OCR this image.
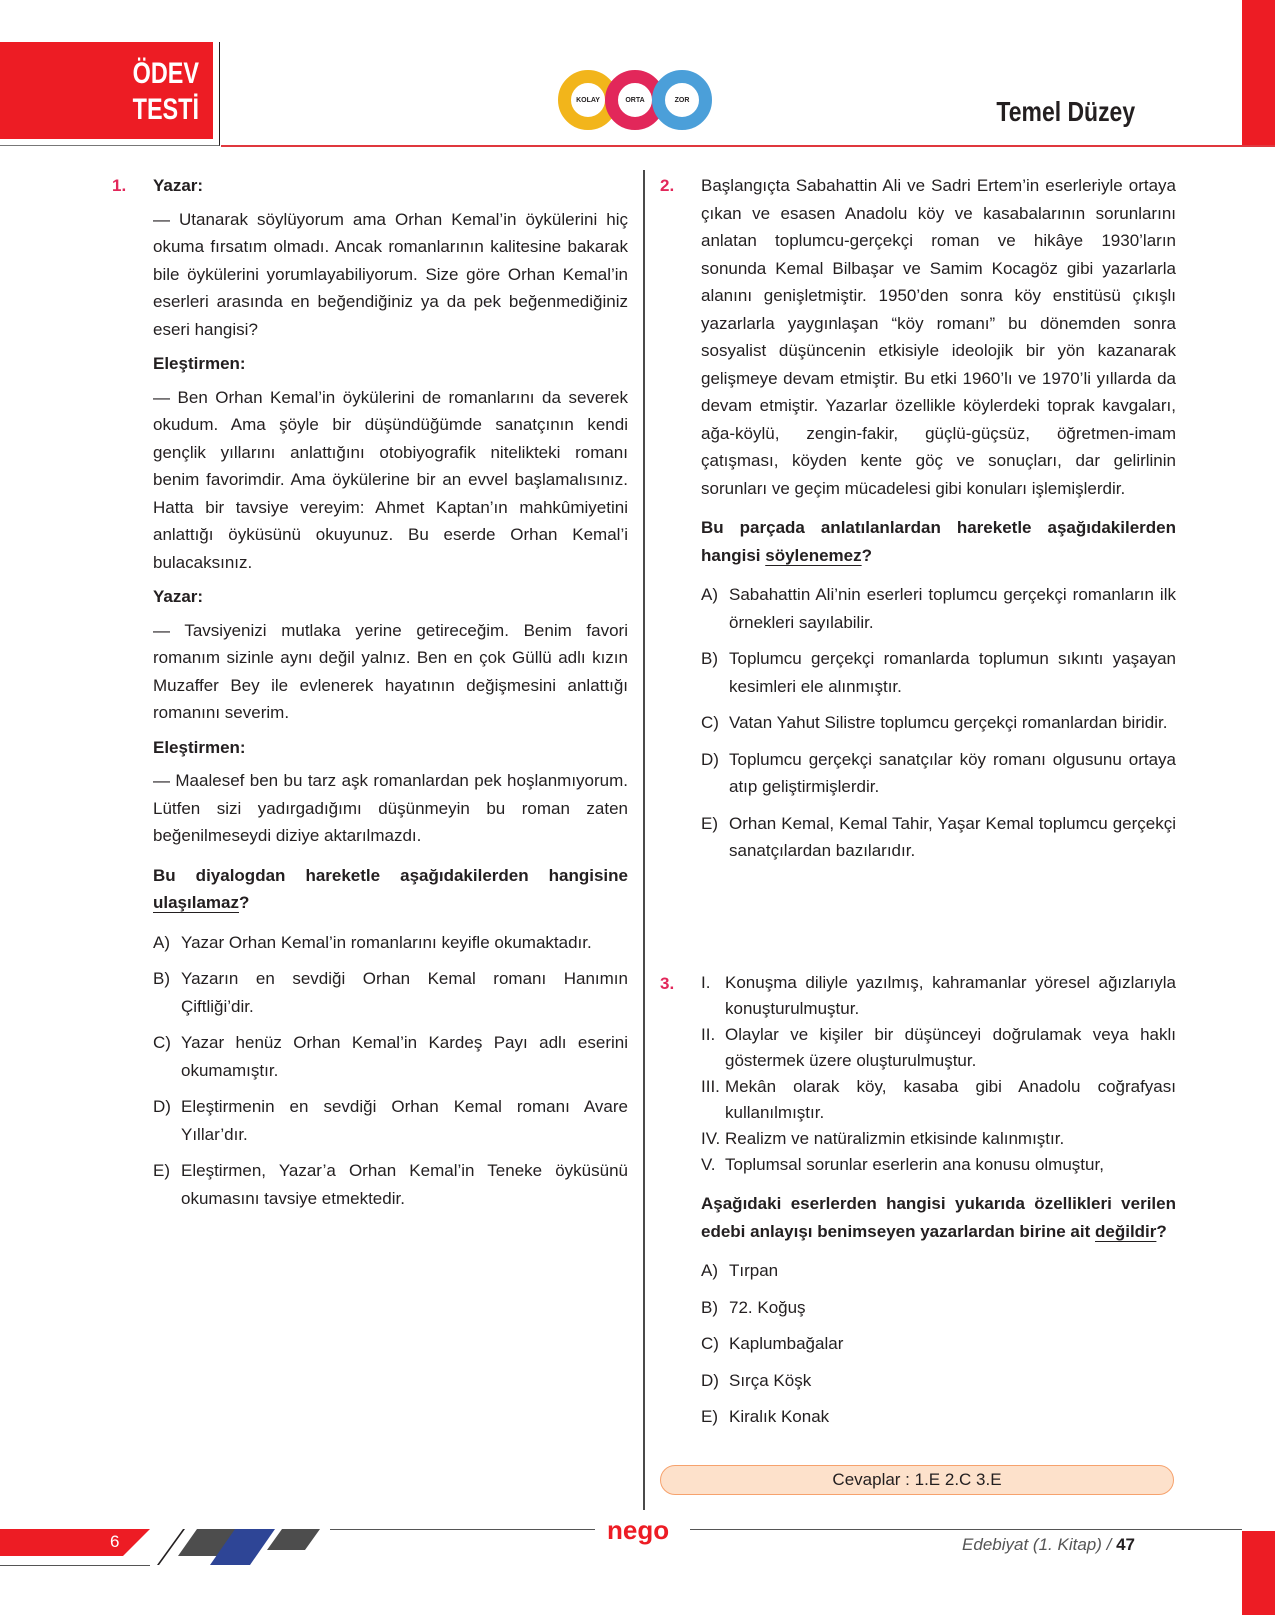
ÖDEV
TESTİ	KOLAY	ORTA	ZOR	Temel Düzey
1. Yazar:

— Utanarak söylüyorum ama Orhan Kemal’in öykülerini hiç okuma fırsatım olmadı. Ancak romanlarının kalitesine bakarak bile öykülerini yorumlayabiliyorum. Size göre Orhan Kemal’in eserleri arasında en beğendiğiniz ya da pek beğenmediğiniz eseri hangisi?

Eleştirmen:

— Ben Orhan Kemal’in öykülerini de romanlarını da severek okudum. Ama şöyle bir düşündüğümde sanatçının kendi gençlik yıllarını anlattığını otobiyografik nitelikteki romanı benim favorimdir. Ama öykülerine bir an evvel başlamalısınız. Hatta bir tavsiye vereyim: Ahmet Kaptan’ın mahkûmiyetini anlattığı öyküsünü okuyunuz. Bu eserde Orhan Kemal’i bulacaksınız.

Yazar:

— Tavsiyenizi mutlaka yerine getireceğim. Benim favori romanım sizinle aynı değil yalnız. Ben en çok Güllü adlı kızın Muzaffer Bey ile evlenerek hayatının değişmesini anlattığı romanını severim.

Eleştirmen:

— Maalesef ben bu tarz aşk romanlardan pek hoşlanmıyorum. Lütfen sizi yadırgadığımı düşünmeyin bu roman zaten beğenilmeseydi diziye aktarılmazdı.

Bu diyalogdan hareketle aşağıdakilerden hangisine ulaşılamaz?

A) Yazar Orhan Kemal’in romanlarını keyifle okumaktadır.
B) Yazarın en sevdiği Orhan Kemal romanı Hanımın Çiftliği’dir.
C) Yazar henüz Orhan Kemal’in Kardeş Payı adlı eserini okumamıştır.
D) Eleştirmenin en sevdiği Orhan Kemal romanı Avare Yıllar’dır.
E) Eleştirmen, Yazar’a Orhan Kemal’in Teneke öyküsünü okumasını tavsiye etmektedir.
2. Başlangıçta Sabahattin Ali ve Sadri Ertem’in eserleriyle ortaya çıkan ve esasen Anadolu köy ve kasabalarının sorunlarını anlatan toplumcu-gerçekçi roman ve hikâye 1930’ların sonunda Kemal Bilbaşar ve Samim Kocagöz gibi yazarlarla alanını genişletmiştir. 1950’den sonra köy enstitüsü çıkışlı yazarlarla yaygınlaşan “köy romanı” bu dönemden sonra sosyalist düşüncenin etkisiyle ideolojik bir yön kazanarak gelişmeye devam etmiştir. Bu etki 1960’lı ve 1970’li yıllarda da devam etmiştir. Yazarlar özellikle köylerdeki toprak kavgaları, ağa-köylü, zengin-fakir, güçlü-güçsüz, öğretmen-imam çatışması, köyden kente göç ve sonuçları, dar gelirlinin sorunları ve geçim mücadelesi gibi konuları işlemişlerdir.

Bu parçada anlatılanlardan hareketle aşağıdakilerden hangisi söylenemez?

A) Sabahattin Ali’nin eserleri toplumcu gerçekçi romanların ilk örnekleri sayılabilir.
B) Toplumcu gerçekçi romanlarda toplumun sıkıntı yaşayan kesimleri ele alınmıştır.
C) Vatan Yahut Silistre toplumcu gerçekçi romanlardan biridir.
D) Toplumcu gerçekçi sanatçılar köy romanı olgusunu ortaya atıp geliştirmişlerdir.
E) Orhan Kemal, Kemal Tahir, Yaşar Kemal toplumcu gerçekçi sanatçılardan bazılarıdır.
3. I. Konuşma diliyle yazılmış, kahramanlar yöresel ağızlarıyla konuşturulmuştur.
II. Olaylar ve kişiler bir düşünceyi doğrulamak veya haklı göstermek üzere oluşturulmuştur.
III. Mekân olarak köy, kasaba gibi Anadolu coğrafyası kullanılmıştır.
IV. Realizm ve natüralizmin etkisinde kalınmıştır.
V. Toplumsal sorunlar eserlerin ana konusu olmuştur,

Aşağıdaki eserlerden hangisi yukarıda özellikleri verilen edebi anlayışı benimseyen yazarlardan birine ait değildir?

A) Tırpan
B) 72. Koğuş
C) Kaplumbağalar
D) Sırça Köşk
E) Kiralık Konak
Cevaplar : 1.E 2.C 3.E
6	nego	Edebiyat (1. Kitap) / 47
